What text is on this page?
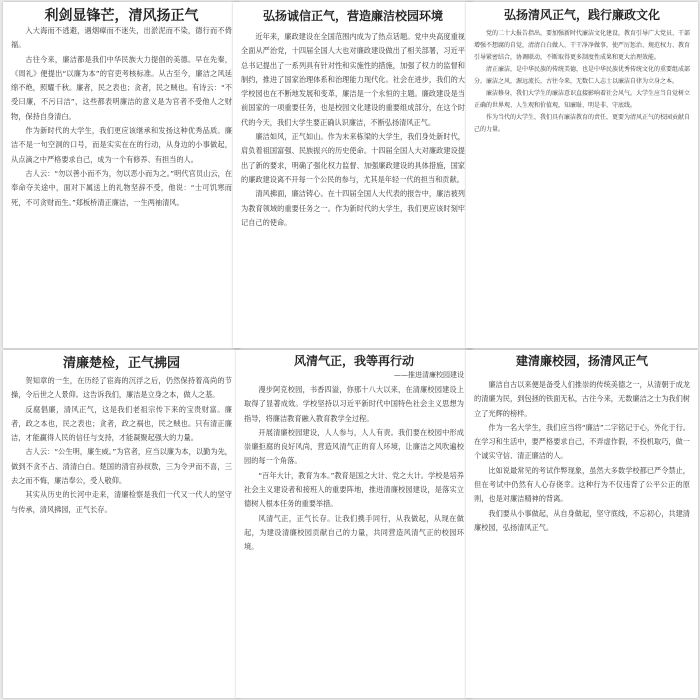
利剑显锋芒，清风扬正气

入大海而不逃避，遇烟瘴而不迷失，出淤泥而不染，德行而不倚福。

古往今来，廉洁都是我们中华民族大力提倡的美德。早在先秦，《周礼》便提出“以廉为本”的官吏考核标准。从古至今，廉洁之风延绵不绝，照耀千秋。廉者，民之表也；贪者，民之贼也。有诗云：“不受曰廉，不污曰洁”，这些都表明廉洁的意义是为官者不受他人之财物，保持自身清白。

作为新时代的大学生，我们更应该继承和发扬这种优秀品质。廉洁不是一句空洞的口号，而是实实在在的行动，从身边的小事做起，从点滴之中严格要求自己，成为一个有修养、有担当的人。

古人云：“勿以善小而不为，勿以恶小而为之。”明代官员山云，在奉命夺关途中，面对下属送上的礼物坚辞不受，他说：“士可饥寒而死，不可贪财而生。”郑板桥清正廉洁，一生两袖清风。

弘扬诚信正气，营造廉洁校园环境

近年来，廉政建设在全国范围内成为了热点话题。党中央高度重视全面从严治党，十四届全国人大也对廉政建设做出了相关部署，习近平总书记提出了一系列具有针对性和实施性的措施，加强了权力的监督和制约，推进了国家治理体系和治理能力现代化。社会在进步，我们的大学校园也在不断地发展和变革，廉洁是一个永恒的主题。廉政建设是当前国家的一项重要任务，也是校园文化建设的重要组成部分，在这个时代的今天，我们大学生要正确认识廉洁，不断弘扬清风正气。

廉洁如风，正气如山。作为未来栋梁的大学生，我们身处新时代，肩负着祖国富强、民族振兴的历史使命。十四届全国人大对廉政建设提出了新的要求，明确了强化权力监督、加强廉政建设的具体措施，国家的廉政建设离不开每一个公民的参与，尤其是年轻一代的担当和贡献。

清风拂面，廉洁铸心。在十四届全国人大代表的报告中，廉洁被列为教育领域的重要任务之一。作为新时代的大学生，我们更应该时刻牢记自己的使命。

弘扬清风正气，践行廉政文化

党的二十大报告指出，要加强新时代廉洁文化建设，教育引导广大党员、干部增强不想腐的自觉，清清白白做人、干干净净做事，使严厉惩治、规范权力、教育引导紧密结合，协调联动，不断取得更多制度性成果和更大治理效能。

清正廉洁，是中华民族的传统美德，也是中华民族优秀传统文化的重要组成部分。廉洁之风，源远流长。古往今来，无数仁人志士以廉洁自律为立身之本。

廉洁修身，我们大学生的廉洁意识直接影响着社会风气。大学生应当自觉树立正确的世界观、人生观和价值观，知廉耻、明是非、守底线。

作为当代的大学生，我们具有廉洁教育的责任，更要为清风正气的校园贡献自己的力量。

清廉楚检，正气拂园

贺知章的一生，在历经了宦海的沉浮之后，仍然保持着高尚的节操，令后世之人景仰。这告诉我们，廉洁是立身之本，做人之基。

反腐倡廉，清风正气，这是我们老祖宗传下来的宝贵财富。廉者，政之本也，民之表也；贪者，政之祸也，民之贼也。只有清正廉洁，才能赢得人民的信任与支持，才能凝聚起强大的力量。

古人云：“公生明，廉生威。”为官者，应当以廉为本，以勤为先，做到不贪不占、清清白白。楚国的清官孙叔敖，三为令尹而不喜，三去之而不悔，廉洁奉公，受人敬仰。

其实从历史的长河中走来，清廉检察是我们一代又一代人的坚守与传承，清风拂园，正气长存。

风清气正，我等再行动
——推进清廉校园建设

漫步阿克校园，书香四溢，你那十八大以来，在清廉校园建设上取得了显著成效。学校坚持以习近平新时代中国特色社会主义思想为指导，将廉洁教育融入教育教学全过程。

开展清廉校园建设，人人参与，人人有责。我们要在校园中形成崇廉拒腐的良好风尚，营造风清气正的育人环境，让廉洁之风吹遍校园的每一个角落。

“百年大计，教育为本。”教育是国之大计、党之大计。学校是培养社会主义建设者和接班人的重要阵地，推进清廉校园建设，是落实立德树人根本任务的重要举措。

风清气正，正气长存。让我们携手同行，从我做起，从现在做起，为建设清廉校园贡献自己的力量，共同营造风清气正的校园环境。

建清廉校园，扬清风正气

廉洁自古以来便是备受人们推崇的传统美德之一，从清朝于成龙的清廉为民，到包拯的铁面无私，古往今来，无数廉洁之士为我们树立了光辉的榜样。

作为一名大学生，我们应当将“廉洁”二字铭记于心，外化于行。在学习和生活中，要严格要求自己，不弄虚作假，不投机取巧，做一个诚实守信、清正廉洁的人。

比如说最常见的考试作弊现象，虽然大多数学校都已严令禁止，但在考试中仍然有人心存侥幸。这种行为不仅违背了公平公正的原则，也是对廉洁精神的背离。

我们要从小事做起，从自身做起，坚守底线，不忘初心，共建清廉校园，弘扬清风正气。
